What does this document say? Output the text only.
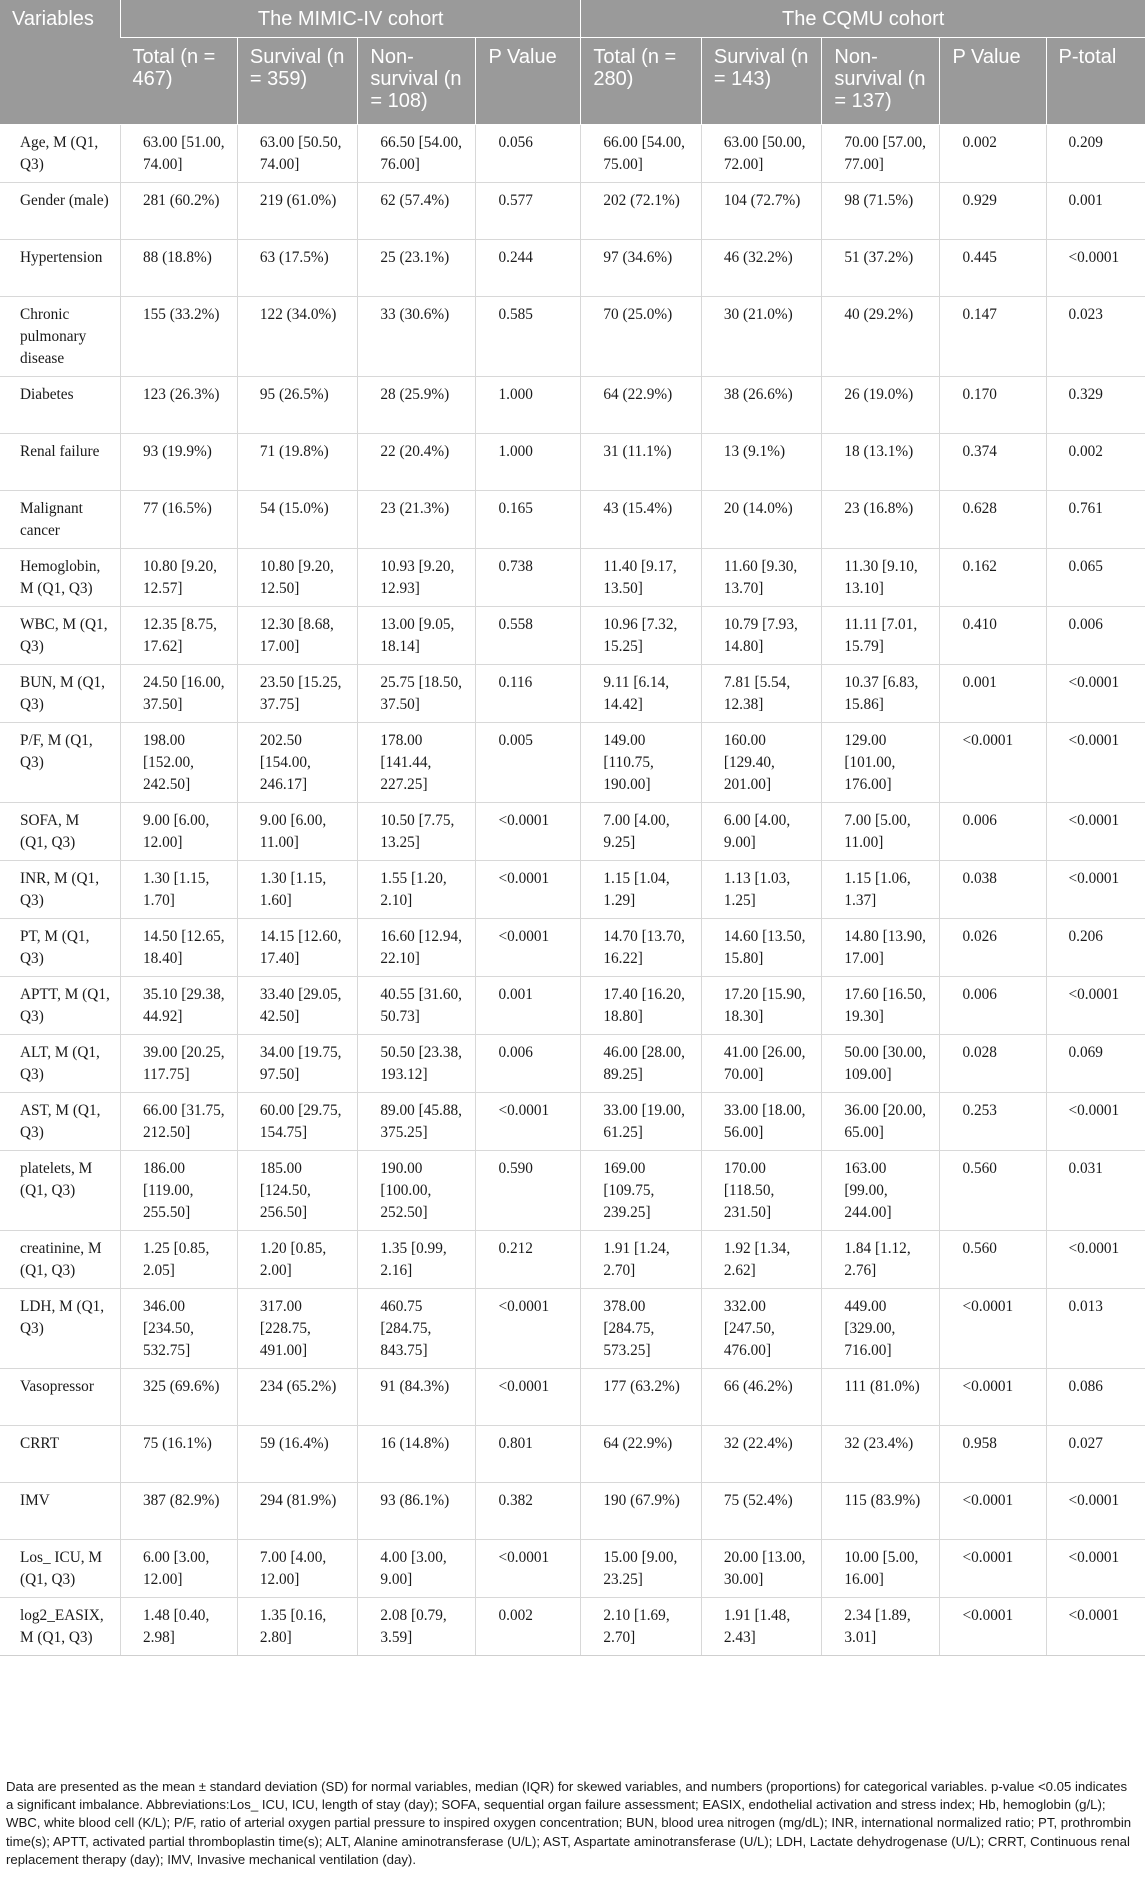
Variables	The MIMIC-IV cohort				The CQMU cohort				
	Total (n = 467)	Survival (n = 359)	Non-survival (n = 108)	P Value	Total (n = 280)	Survival (n = 143)	Non-survival (n = 137)	P Value	P-total
Age, M (Q1, Q3)	63.00 [51.00, 74.00]	63.00 [50.50, 74.00]	66.50 [54.00, 76.00]	0.056	66.00 [54.00, 75.00]	63.00 [50.00, 72.00]	70.00 [57.00, 77.00]	0.002	0.209
Gender (male)	281 (60.2%)	219 (61.0%)	62 (57.4%)	0.577	202 (72.1%)	104 (72.7%)	98 (71.5%)	0.929	0.001
Hypertension	88 (18.8%)	63 (17.5%)	25 (23.1%)	0.244	97 (34.6%)	46 (32.2%)	51 (37.2%)	0.445	<0.0001
Chronic pulmonary disease	155 (33.2%)	122 (34.0%)	33 (30.6%)	0.585	70 (25.0%)	30 (21.0%)	40 (29.2%)	0.147	0.023
Diabetes	123 (26.3%)	95 (26.5%)	28 (25.9%)	1.000	64 (22.9%)	38 (26.6%)	26 (19.0%)	0.170	0.329
Renal failure	93 (19.9%)	71 (19.8%)	22 (20.4%)	1.000	31 (11.1%)	13 (9.1%)	18 (13.1%)	0.374	0.002
Malignant cancer	77 (16.5%)	54 (15.0%)	23 (21.3%)	0.165	43 (15.4%)	20 (14.0%)	23 (16.8%)	0.628	0.761
Hemoglobin, M (Q1, Q3)	10.80 [9.20, 12.57]	10.80 [9.20, 12.50]	10.93 [9.20, 12.93]	0.738	11.40 [9.17, 13.50]	11.60 [9.30, 13.70]	11.30 [9.10, 13.10]	0.162	0.065
WBC, M (Q1, Q3)	12.35 [8.75, 17.62]	12.30 [8.68, 17.00]	13.00 [9.05, 18.14]	0.558	10.96 [7.32, 15.25]	10.79 [7.93, 14.80]	11.11 [7.01, 15.79]	0.410	0.006
BUN, M (Q1, Q3)	24.50 [16.00, 37.50]	23.50 [15.25, 37.75]	25.75 [18.50, 37.50]	0.116	9.11 [6.14, 14.42]	7.81 [5.54, 12.38]	10.37 [6.83, 15.86]	0.001	<0.0001
P/F, M (Q1, Q3)	198.00 [152.00, 242.50]	202.50 [154.00, 246.17]	178.00 [141.44, 227.25]	0.005	149.00 [110.75, 190.00]	160.00 [129.40, 201.00]	129.00 [101.00, 176.00]	<0.0001	<0.0001
SOFA, M (Q1, Q3)	9.00 [6.00, 12.00]	9.00 [6.00, 11.00]	10.50 [7.75, 13.25]	<0.0001	7.00 [4.00, 9.25]	6.00 [4.00, 9.00]	7.00 [5.00, 11.00]	0.006	<0.0001
INR, M (Q1, Q3)	1.30 [1.15, 1.70]	1.30 [1.15, 1.60]	1.55 [1.20, 2.10]	<0.0001	1.15 [1.04, 1.29]	1.13 [1.03, 1.25]	1.15 [1.06, 1.37]	0.038	<0.0001
PT, M (Q1, Q3)	14.50 [12.65, 18.40]	14.15 [12.60, 17.40]	16.60 [12.94, 22.10]	<0.0001	14.70 [13.70, 16.22]	14.60 [13.50, 15.80]	14.80 [13.90, 17.00]	0.026	0.206
APTT, M (Q1, Q3)	35.10 [29.38, 44.92]	33.40 [29.05, 42.50]	40.55 [31.60, 50.73]	0.001	17.40 [16.20, 18.80]	17.20 [15.90, 18.30]	17.60 [16.50, 19.30]	0.006	<0.0001
ALT, M (Q1, Q3)	39.00 [20.25, 117.75]	34.00 [19.75, 97.50]	50.50 [23.38, 193.12]	0.006	46.00 [28.00, 89.25]	41.00 [26.00, 70.00]	50.00 [30.00, 109.00]	0.028	0.069
AST, M (Q1, Q3)	66.00 [31.75, 212.50]	60.00 [29.75, 154.75]	89.00 [45.88, 375.25]	<0.0001	33.00 [19.00, 61.25]	33.00 [18.00, 56.00]	36.00 [20.00, 65.00]	0.253	<0.0001
platelets, M (Q1, Q3)	186.00 [119.00, 255.50]	185.00 [124.50, 256.50]	190.00 [100.00, 252.50]	0.590	169.00 [109.75, 239.25]	170.00 [118.50, 231.50]	163.00 [99.00, 244.00]	0.560	0.031
creatinine, M (Q1, Q3)	1.25 [0.85, 2.05]	1.20 [0.85, 2.00]	1.35 [0.99, 2.16]	0.212	1.91 [1.24, 2.70]	1.92 [1.34, 2.62]	1.84 [1.12, 2.76]	0.560	<0.0001
LDH, M (Q1, Q3)	346.00 [234.50, 532.75]	317.00 [228.75, 491.00]	460.75 [284.75, 843.75]	<0.0001	378.00 [284.75, 573.25]	332.00 [247.50, 476.00]	449.00 [329.00, 716.00]	<0.0001	0.013
Vasopressor	325 (69.6%)	234 (65.2%)	91 (84.3%)	<0.0001	177 (63.2%)	66 (46.2%)	111 (81.0%)	<0.0001	0.086
CRRT	75 (16.1%)	59 (16.4%)	16 (14.8%)	0.801	64 (22.9%)	32 (22.4%)	32 (23.4%)	0.958	0.027
IMV	387 (82.9%)	294 (81.9%)	93 (86.1%)	0.382	190 (67.9%)	75 (52.4%)	115 (83.9%)	<0.0001	<0.0001
Los_ ICU, M (Q1, Q3)	6.00 [3.00, 12.00]	7.00 [4.00, 12.00]	4.00 [3.00, 9.00]	<0.0001	15.00 [9.00, 23.25]	20.00 [13.00, 30.00]	10.00 [5.00, 16.00]	<0.0001	<0.0001
log2_EASIX, M (Q1, Q3)	1.48 [0.40, 2.98]	1.35 [0.16, 2.80]	2.08 [0.79, 3.59]	0.002	2.10 [1.69, 2.70]	1.91 [1.48, 2.43]	2.34 [1.89, 3.01]	<0.0001	<0.0001
Data are presented as the mean ± standard deviation (SD) for normal variables, median (IQR) for skewed variables, and numbers (proportions) for categorical variables. p-value <0.05 indicates a significant imbalance. Abbreviations:Los_ ICU, ICU, length of stay (day); SOFA, sequential organ failure assessment; EASIX, endothelial activation and stress index; Hb, hemoglobin (g/L); WBC, white blood cell (K/L); P/F, ratio of arterial oxygen partial pressure to inspired oxygen concentration; BUN, blood urea nitrogen (mg/dL); INR, international normalized ratio; PT, prothrombin time(s); APTT, activated partial thromboplastin time(s); ALT, Alanine aminotransferase (U/L); AST, Aspartate aminotransferase (U/L); LDH, Lactate dehydrogenase (U/L); CRRT, Continuous renal replacement therapy (day); IMV, Invasive mechanical ventilation (day).
